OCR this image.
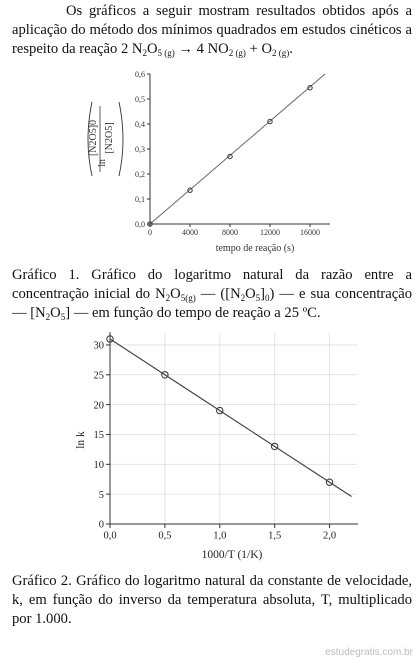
Os gráficos a seguir mostram resultados obtidos após a aplicação do método dos mínimos quadrados em estudos cinéticos a respeito da reação 2 $N_2O_{5 (g)} \to 4$ $NO_{2 (g)} + O_{2 (g)}$.
0	4000	8000	12000	16000
0,0
0,1
0,2
0,3
0,4
0,5
0,6
ln
[N2O5]0 [N2O5]
tempo de reação (s)
Gráfico 1. Gráfico do logaritmo natural da razão entre a concentração inicial do $N_2O_{5(g)}$ — $([N_2O_5]_0)$ — e sua concentração — $[N_2O_5]$ — em função do tempo de reação a 25 ºC.
0,0	0,5	1,0	1,5	2,0
0
5
10
15
20
25
30
ln k
1000/T (1/K)
Gráfico 2. Gráfico do logaritmo natural da constante de velocidade, k, em função do inverso da temperatura absoluta, T, multiplicado por 1.000.
estudegratis.com.br
